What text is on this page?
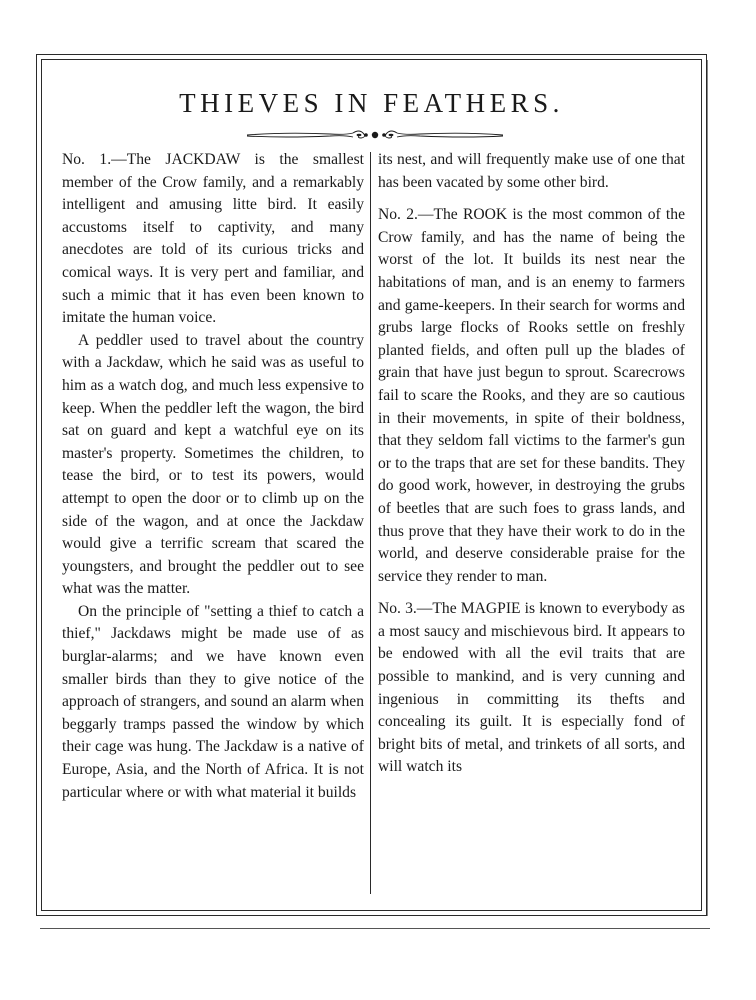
THIEVES IN FEATHERS.

No. 1.—The JACKDAW is the smallest member of the Crow family, and a remarkably intelligent and amusing litte bird. It easily accustoms itself to captivity, and many anecdotes are told of its curious tricks and comical ways. It is very pert and familiar, and such a mimic that it has even been known to imitate the human voice.

A peddler used to travel about the country with a Jackdaw, which he said was as useful to him as a watch dog, and much less expensive to keep. When the peddler left the wagon, the bird sat on guard and kept a watchful eye on its master's property. Sometimes the children, to tease the bird, or to test its powers, would attempt to open the door or to climb up on the side of the wagon, and at once the Jackdaw would give a terrific scream that scared the youngsters, and brought the peddler out to see what was the matter.

On the principle of "setting a thief to catch a thief," Jackdaws might be made use of as burglar-alarms; and we have known even smaller birds than they to give notice of the approach of strangers, and sound an alarm when beggarly tramps passed the window by which their cage was hung. The Jackdaw is a native of Europe, Asia, and the North of Africa. It is not particular where or with what material it builds

its nest, and will frequently make use of one that has been vacated by some other bird.

No. 2.—The ROOK is the most common of the Crow family, and has the name of being the worst of the lot. It builds its nest near the habitations of man, and is an enemy to farmers and game-keepers. In their search for worms and grubs large flocks of Rooks settle on freshly planted fields, and often pull up the blades of grain that have just begun to sprout. Scarecrows fail to scare the Rooks, and they are so cautious in their movements, in spite of their boldness, that they seldom fall victims to the farmer's gun or to the traps that are set for these bandits. They do good work, however, in destroying the grubs of beetles that are such foes to grass lands, and thus prove that they have their work to do in the world, and deserve considerable praise for the service they render to man.

No. 3.—The MAGPIE is known to everybody as a most saucy and mischievous bird. It appears to be endowed with all the evil traits that are possible to mankind, and is very cunning and ingenious in committing its thefts and concealing its guilt. It is especially fond of bright bits of metal, and trinkets of all sorts, and will watch its
